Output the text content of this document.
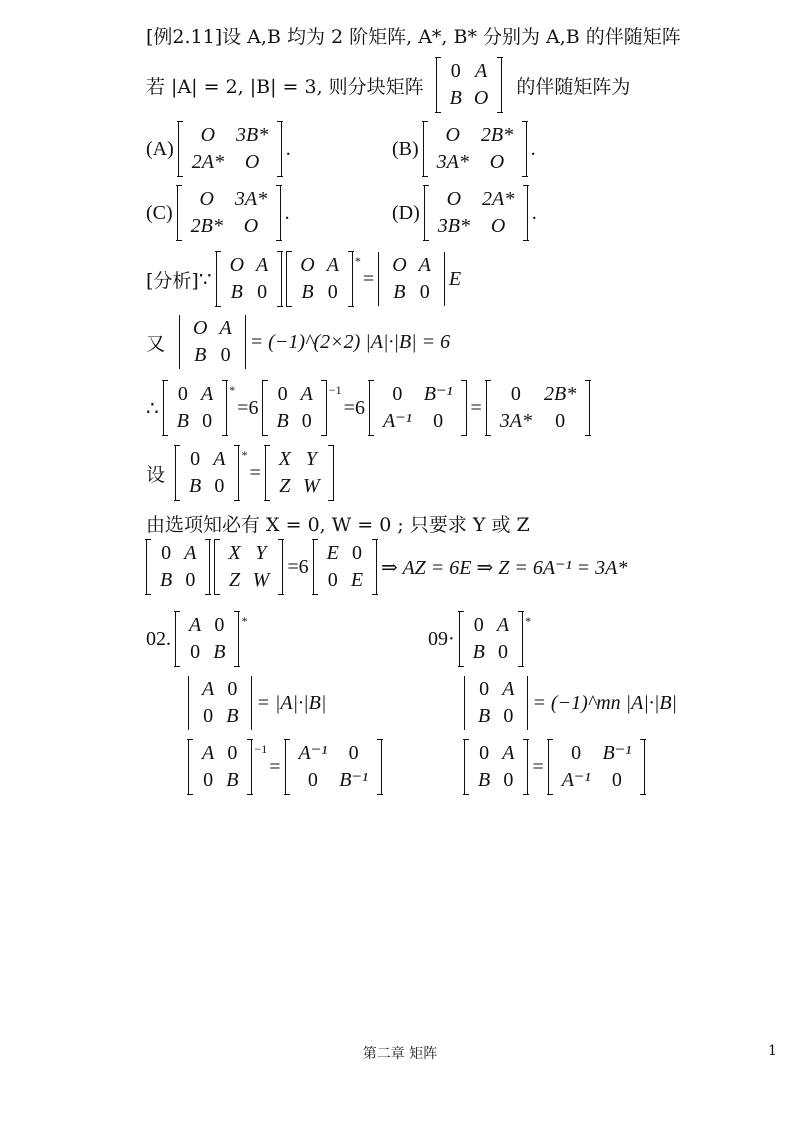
[例2.11]设 A,B 均为 2 阶矩阵, A*, B* 分别为 A,B 的伴随矩阵
若 |A| = 2, |B| = 3, 则分块矩阵
0 A
B O
的伴随矩阵为
(A)
O	3B*
2A*	O
.	(B)
O	2B*
3A*	O
.
(C)
O	3A*
2B*	O
.	(D)
O	2A*
3B*	O
.
[分析] ∵
O A
B 0
O A
B 0
*
=
O A
B 0
E
又
O A
B 0
= (−1)^(2×2) |A|·|B| = 6
∴
0 A
B 0
*
= 6
0 A
B 0
−1
= 6
0	B⁻¹
A⁻¹	0
=
0	2B*
3A*	0
设
0 A
B 0
*
=
X Y
Z W
由选项知必有 X = 0, W = 0 ; 只要求 Y 或 Z
0 A
B 0
X Y
Z W
= 6
E 0
0 E
⇒ AZ = 6E ⇒ Z = 6A⁻¹ = 3A*
02.
A 0
0 B
*
A 0
0 B
= |A|·|B|
A 0
0 B
−1
=
A⁻¹	0
0	B⁻¹
09·
0 A
B 0
*
0 A
B 0
= (−1)^mn |A|·|B|
0 A
B 0
=
0	B⁻¹
A⁻¹	0
第二章 矩阵	1
